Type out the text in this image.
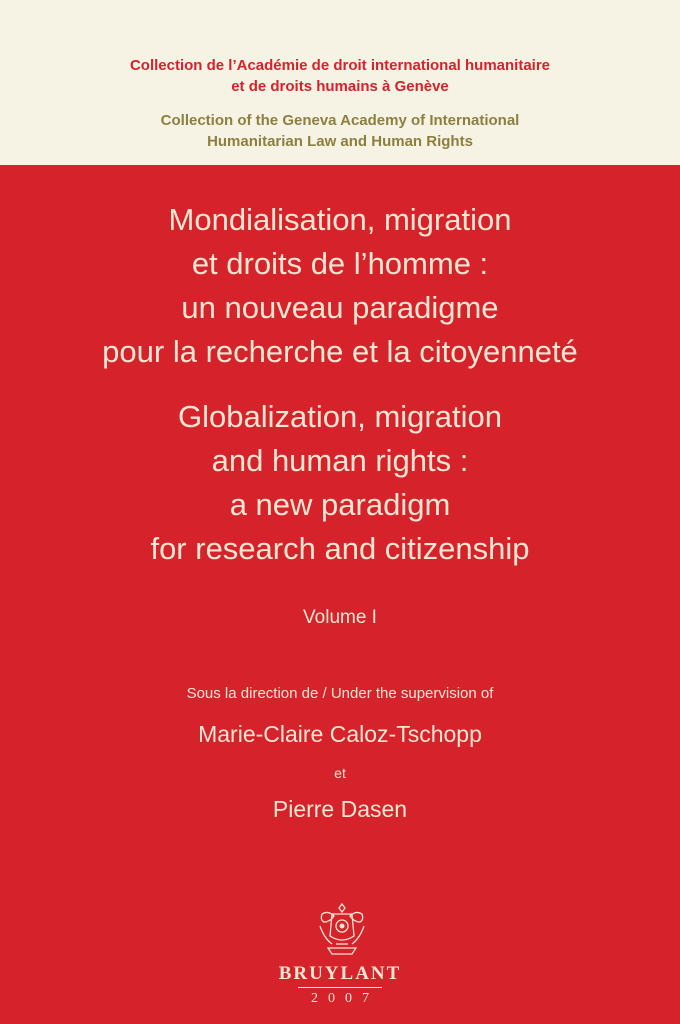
Collection de l’Académie de droit international humanitaire
et de droits humains à Genève
Collection of the Geneva Academy of International
Humanitarian Law and Human Rights
Mondialisation, migration
et droits de l’homme :
un nouveau paradigme
pour la recherche et la citoyenneté
Globalization, migration
and human rights :
a new paradigm
for research and citizenship
Volume I
Sous la direction de / Under the supervision of
Marie-Claire Caloz-Tschopp
et
Pierre Dasen
BRUYLANT
2007
